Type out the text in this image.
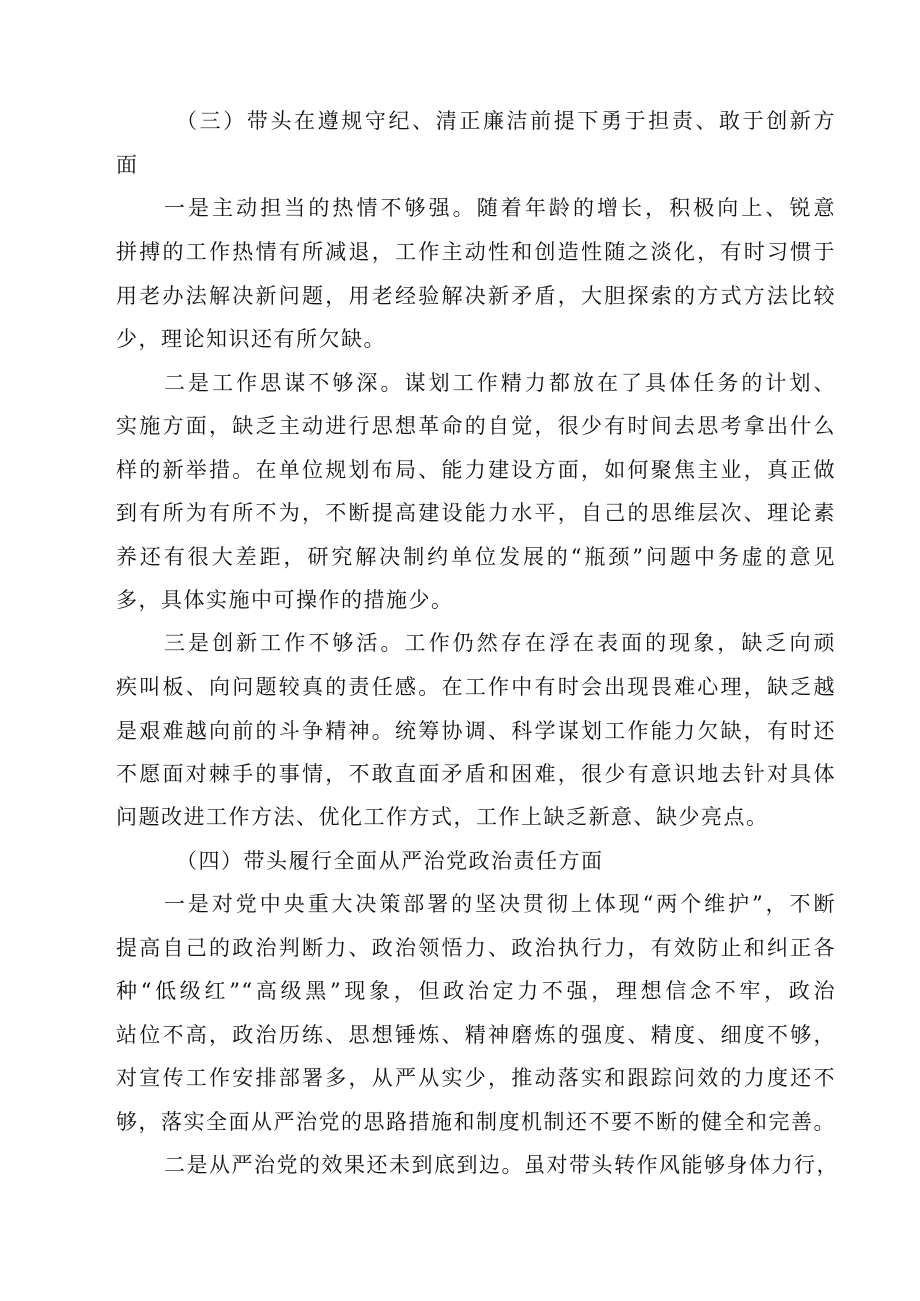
（三）带头在遵规守纪、清正廉洁前提下勇于担责、敢于创新方
面
一是主动担当的热情不够强。随着年龄的增长，积极向上、锐意
拼搏的工作热情有所减退，工作主动性和创造性随之淡化，有时习惯于
用老办法解决新问题，用老经验解决新矛盾，大胆探索的方式方法比较
少，理论知识还有所欠缺。
二是工作思谋不够深。谋划工作精力都放在了具体任务的计划、
实施方面，缺乏主动进行思想革命的自觉，很少有时间去思考拿出什么
样的新举措。在单位规划布局、能力建设方面，如何聚焦主业，真正做
到有所为有所不为，不断提高建设能力水平，自己的思维层次、理论素
养还有很大差距，研究解决制约单位发展的“瓶颈”问题中务虚的意见
多，具体实施中可操作的措施少。
三是创新工作不够活。工作仍然存在浮在表面的现象，缺乏向顽
疾叫板、向问题较真的责任感。在工作中有时会出现畏难心理，缺乏越
是艰难越向前的斗争精神。统筹协调、科学谋划工作能力欠缺，有时还
不愿面对棘手的事情，不敢直面矛盾和困难，很少有意识地去针对具体
问题改进工作方法、优化工作方式，工作上缺乏新意、缺少亮点。
（四）带头履行全面从严治党政治责任方面
一是对党中央重大决策部署的坚决贯彻上体现“两个维护”，不断
提高自己的政治判断力、政治领悟力、政治执行力，有效防止和纠正各
种“低级红”“高级黑”现象，但政治定力不强，理想信念不牢，政治
站位不高，政治历练、思想锤炼、精神磨炼的强度、精度、细度不够，
对宣传工作安排部署多，从严从实少，推动落实和跟踪问效的力度还不
够，落实全面从严治党的思路措施和制度机制还不要不断的健全和完善。
二是从严治党的效果还未到底到边。虽对带头转作风能够身体力行，
